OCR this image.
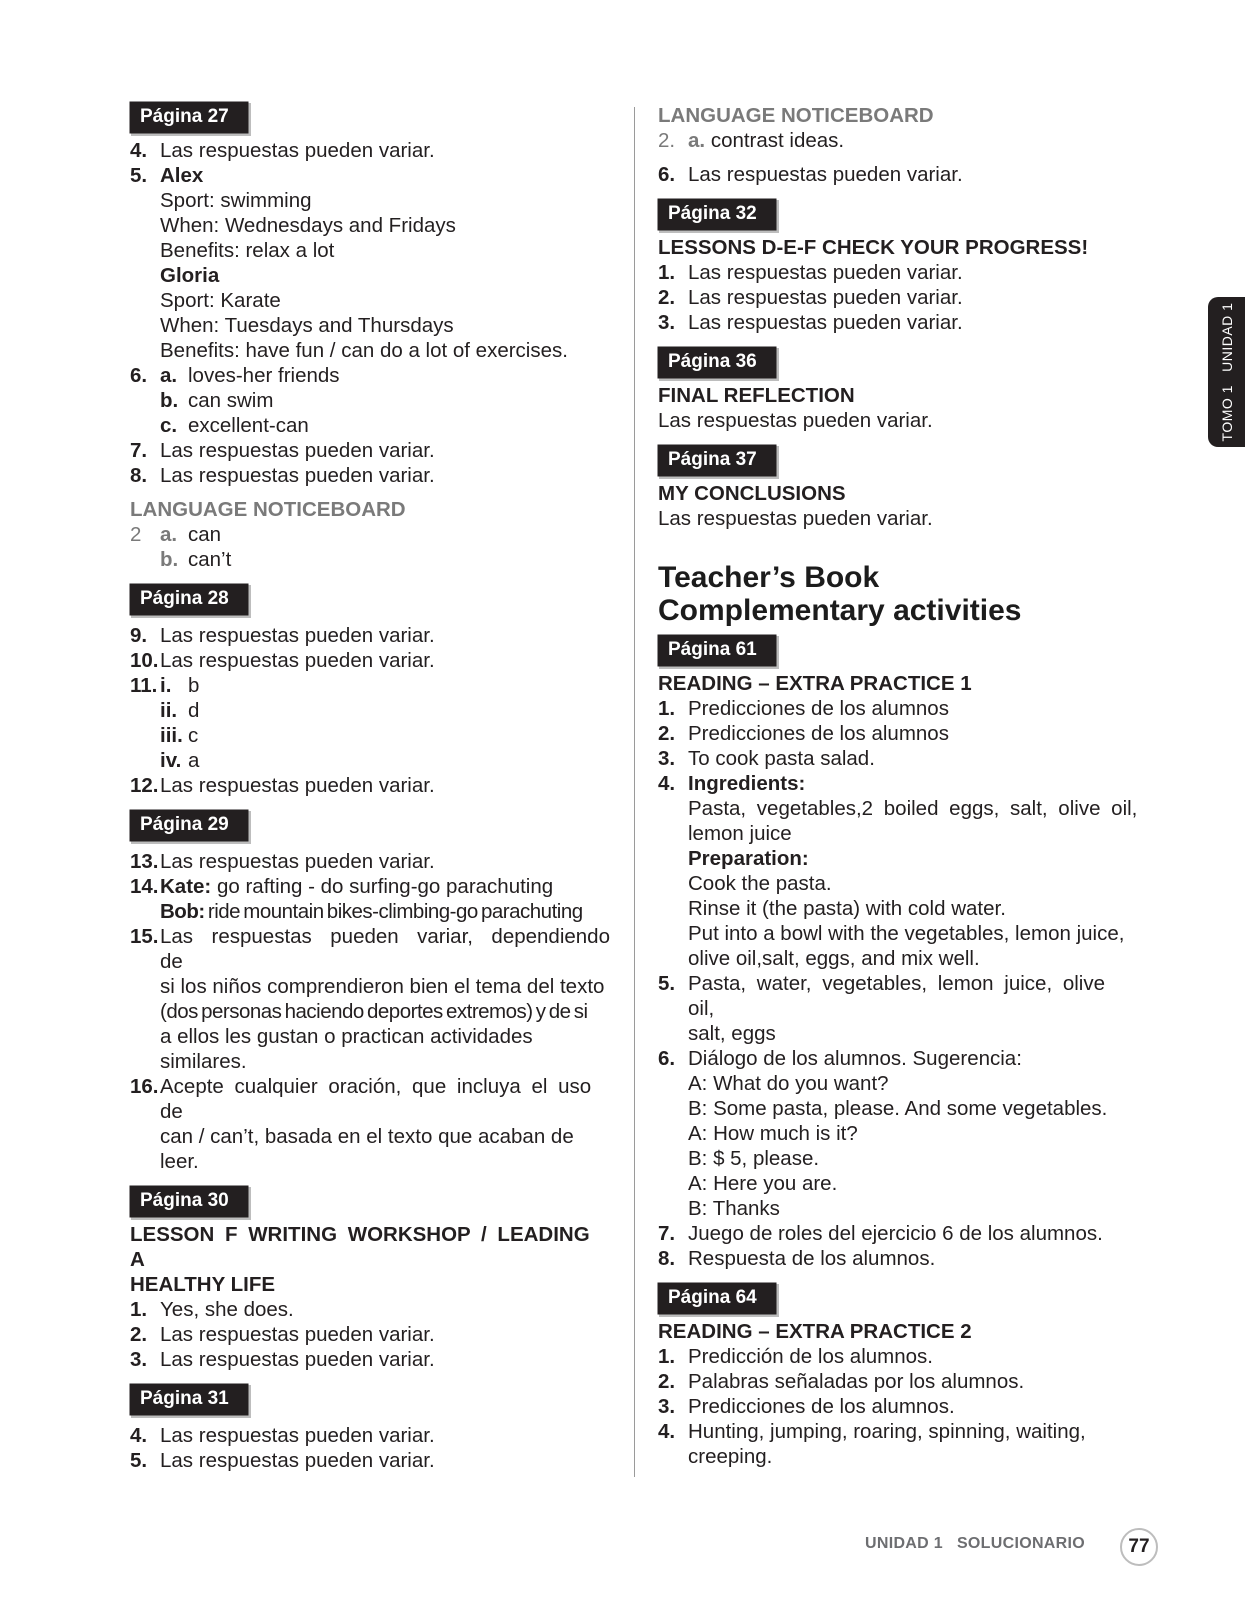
Página 27
4. Las respuestas pueden variar.
5. Alex
Sport: swimming
When: Wednesdays and Fridays
Benefits: relax a lot
Gloria
Sport: Karate
When: Tuesdays and Thursdays
Benefits: have fun / can do a lot of exercises.
6. a. loves-her friends
b. can swim
c. excellent-can
7. Las respuestas pueden variar.
8. Las respuestas pueden variar.
LANGUAGE NOTICEBOARD
2 a. can
b. can’t
Página 28
9. Las respuestas pueden variar.
10. Las respuestas pueden variar.
11. i. b
ii. d
iii. c
iv. a
12. Las respuestas pueden variar.
Página 29
13. Las respuestas pueden variar.
14. Kate: go rafting - do surfing-go parachuting
Bob: ride mountain bikes-climbing-go parachuting
15. Las respuestas pueden variar, dependiendo de
si los niños comprendieron bien el tema del texto
(dos personas haciendo deportes extremos) y de si
a ellos les gustan o practican actividades similares.
16. Acepte cualquier oración, que incluya el uso de
can / can’t, basada en el texto que acaban de leer.
Página 30
LESSON F WRITING WORKSHOP / LEADING A
HEALTHY LIFE
1. Yes, she does.
2. Las respuestas pueden variar.
3. Las respuestas pueden variar.
Página 31
4. Las respuestas pueden variar.
5. Las respuestas pueden variar.
LANGUAGE NOTICEBOARD
2. a. contrast ideas.
6. Las respuestas pueden variar.
Página 32
LESSONS D-E-F CHECK YOUR PROGRESS!
1. Las respuestas pueden variar.
2. Las respuestas pueden variar.
3. Las respuestas pueden variar.
Página 36
FINAL REFLECTION
Las respuestas pueden variar.
Página 37
MY CONCLUSIONS
Las respuestas pueden variar.
Teacher’s Book
Complementary activities
Página 61
READING – EXTRA PRACTICE 1
1. Predicciones de los alumnos
2. Predicciones de los alumnos
3. To cook pasta salad.
4. Ingredients:
Pasta, vegetables,2 boiled eggs, salt, olive oil,
lemon juice
Preparation:
Cook the pasta.
Rinse it (the pasta) with cold water.
Put into a bowl with the vegetables, lemon juice,
olive oil,salt, eggs, and mix well.
5. Pasta, water, vegetables, lemon juice, olive oil,
salt, eggs
6. Diálogo de los alumnos. Sugerencia:
A: What do you want?
B: Some pasta, please. And some vegetables.
A: How much is it?
B: $ 5, please.
A: Here you are.
B: Thanks
7. Juego de roles del ejercicio 6 de los alumnos.
8. Respuesta de los alumnos.
Página 64
READING – EXTRA PRACTICE 2
1. Predicción de los alumnos.
2. Palabras señaladas por los alumnos.
3. Predicciones de los alumnos.
4. Hunting, jumping, roaring, spinning, waiting,
creeping.
TOMO 1   UNIDAD 1
UNIDAD 1 SOLUCIONARIO	77
